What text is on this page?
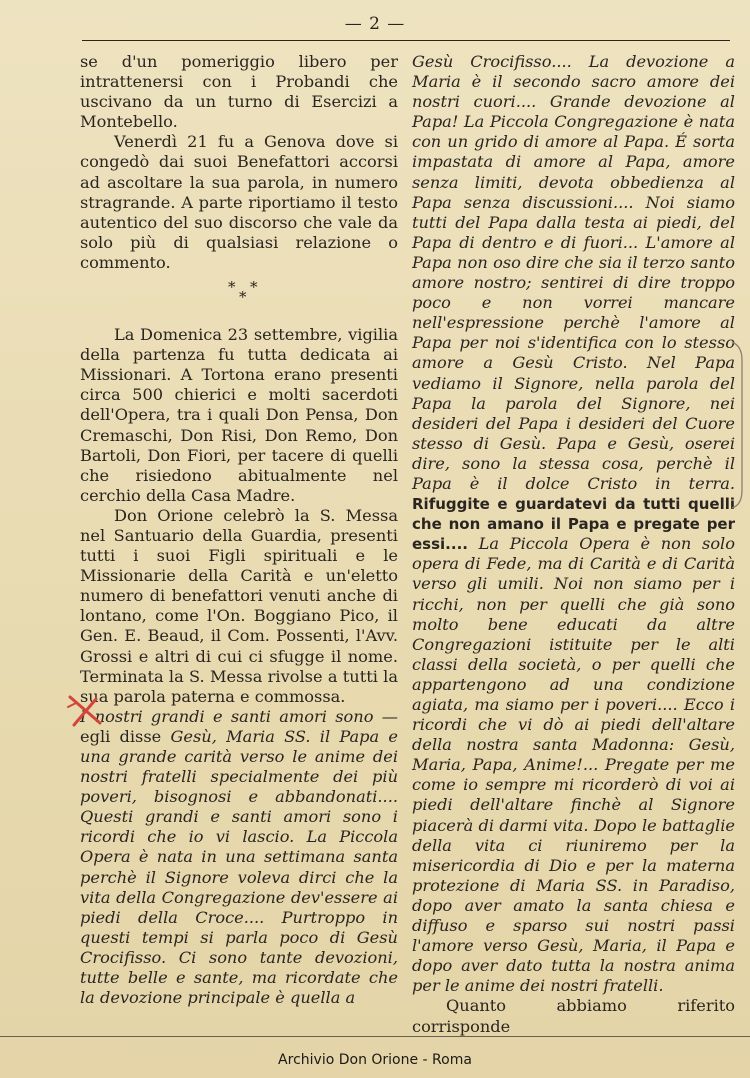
— 2 —

se d'un pomeriggio libero per intrattenersi con i Probandi che uscivano da un turno di Esercizi a Montebello.

Venerdì 21 fu a Genova dove si congedò dai suoi Benefattori accorsi ad ascoltare la sua parola, in numero stragrande. A parte riportiamo il testo autentico del suo discorso che vale da solo più di qualsiasi relazione o commento.

* *
*

La Domenica 23 settembre, vigilia della partenza fu tutta dedicata ai Missionari. A Tortona erano presenti circa 500 chierici e molti sacerdoti dell'Opera, tra i quali Don Pensa, Don Cremaschi, Don Risi, Don Remo, Don Bartoli, Don Fiori, per tacere di quelli che risiedono abitualmente nel cerchio della Casa Madre.

Don Orione celebrò la S. Messa nel Santuario della Guardia, presenti tutti i suoi Figli spirituali e le Missionarie della Carità e un'eletto numero di benefattori venuti anche di lontano, come l'On. Boggiano Pico, il Gen. E. Beaud, il Com. Possenti, l'Avv. Grossi e altri di cui ci sfugge il nome. Terminata la S. Messa rivolse a tutti la sua parola paterna e commossa.

I nostri grandi e santi amori sono — egli disse Gesù, Maria SS. il Papa e una grande carità verso le anime dei nostri fratelli specialmente dei più poveri, bisognosi e abbandonati.... Questi grandi e santi amori sono i ricordi che io vi lascio. La Piccola Opera è nata in una settimana santa perchè il Signore voleva dirci che la vita della Congregazione dev'essere ai piedi della Croce.... Purtroppo in questi tempi si parla poco di Gesù Crocifisso. Ci sono tante devozioni, tutte belle e sante, ma ricordate che la devozione principale è quella a

Gesù Crocifisso.... La devozione a Maria è il secondo sacro amore dei nostri cuori.... Grande devozione al Papa! La Piccola Congregazione è nata con un grido di amore al Papa. É sorta impastata di amore al Papa, amore senza limiti, devota obbedienza al Papa senza discussioni.... Noi siamo tutti del Papa dalla testa ai piedi, del Papa di dentro e di fuori... L'amore al Papa non oso dire che sia il terzo santo amore nostro; sentirei di dire troppo poco e non vorrei mancare nell'espressione perchè l'amore al Papa per noi s'identifica con lo stesso amore a Gesù Cristo. Nel Papa vediamo il Signore, nella parola del Papa la parola del Signore, nei desideri del Papa i desideri del Cuore stesso di Gesù. Papa e Gesù, oserei dire, sono la stessa cosa, perchè il Papa è il dolce Cristo in terra. Rifuggite e guardatevi da tutti quelli che non amano il Papa e pregate per essi.... La Piccola Opera è non solo opera di Fede, ma di Carità e di Carità verso gli umili. Noi non siamo per i ricchi, non per quelli che già sono molto bene educati da altre Congregazioni istituite per le alti classi della società, o per quelli che appartengono ad una condizione agiata, ma siamo per i poveri.... Ecco i ricordi che vi dò ai piedi dell'altare della nostra santa Madonna: Gesù, Maria, Papa, Anime!... Pregate per me come io sempre mi ricorderò di voi ai piedi dell'altare finchè al Signore piacerà di darmi vita. Dopo le battaglie della vita ci riuniremo per la misericordia di Dio e per la materna protezione di Maria SS. in Paradiso, dopo aver amato la santa chiesa e diffuso e sparso sui nostri passi l'amore verso Gesù, Maria, il Papa e dopo aver dato tutta la nostra anima per le anime dei nostri fratelli.

Quanto abbiamo riferito corrisponde

Archivio Don Orione - Roma
